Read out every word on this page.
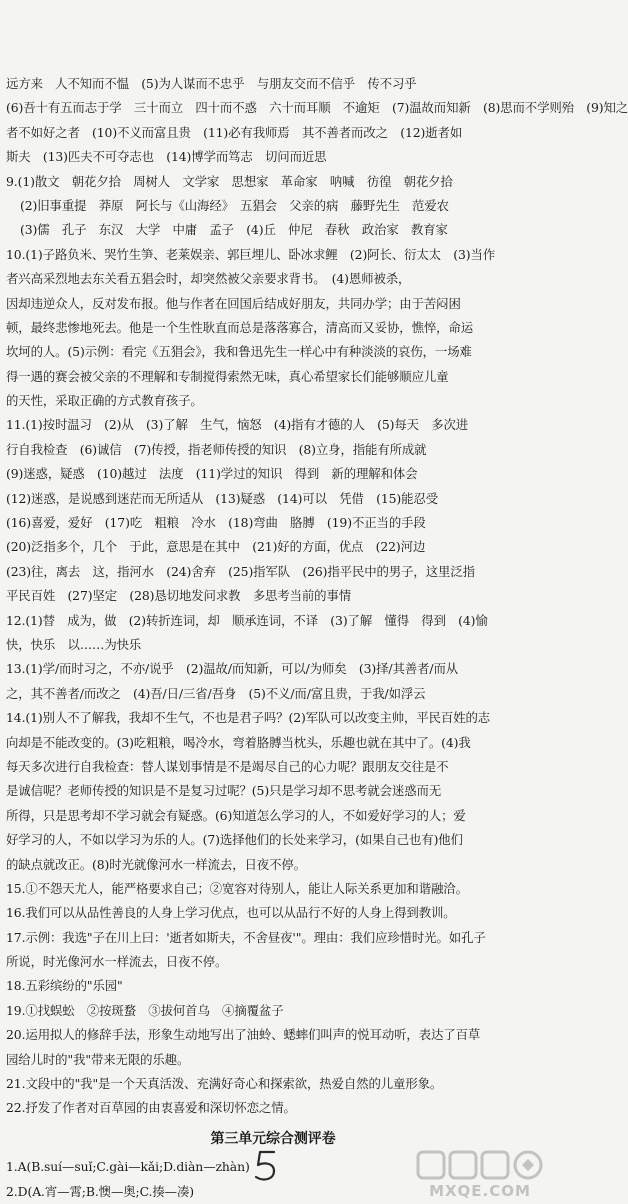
远方来　人不知而不愠　(5)为人谋而不忠乎　与朋友交而不信乎　传不习乎
(6)吾十有五而志于学　三十而立　四十而不惑　六十而耳顺　不逾矩　(7)温故而知新　(8)思而不学则殆　(9)知之
者不如好之者　(10)不义而富且贵　(11)必有我师焉　其不善者而改之　(12)逝者如
斯夫　(13)匹夫不可夺志也　(14)博学而笃志　切问而近思
9.(1)散文　朝花夕拾　周树人　文学家　思想家　革命家　呐喊　彷徨　朝花夕拾
(2)旧事重提　莽原　阿长与《山海经》　五猖会　父亲的病　藤野先生　范爱农
(3)儒　孔子　东汉　大学　中庸　孟子　(4)丘　仲尼　春秋　政治家　教育家
10.(1)子路负米、哭竹生笋、老莱娱亲、郭巨埋儿、卧冰求鲤　(2)阿长、衍太太　(3)当作
者兴高采烈地去东关看五猖会时，却突然被父亲要求背书。　(4)恩师被杀，
因却违逆众人，反对发布报。他与作者在回国后结成好朋友，共同办学；由于苦闷困
顿，最终悲惨地死去。他是一个生性耿直而总是落落寡合，清高而又妥协，憔悴，命运
坎坷的人。(5)示例：看完《五猖会》，我和鲁迅先生一样心中有种淡淡的哀伤，一场难
得一遇的赛会被父亲的不理解和专制搅得索然无味，真心希望家长们能够顺应儿童
的天性，采取正确的方式教育孩子。
11.(1)按时温习　(2)从　(3)了解　生气，恼怒　(4)指有才德的人　(5)每天　多次进
行自我检查　(6)诚信　(7)传授，指老师传授的知识　(8)立身，指能有所成就
(9)迷惑，疑惑　(10)越过　法度　(11)学过的知识　得到　新的理解和体会
(12)迷惑，是说感到迷茫而无所适从　(13)疑惑　(14)可以　凭借　(15)能忍受
(16)喜爱，爱好　(17)吃　粗粮　冷水　(18)弯曲　胳膊　(19)不正当的手段
(20)泛指多个，几个　于此，意思是在其中　(21)好的方面，优点　(22)河边
(23)往，离去　这，指河水　(24)舍弃　(25)指军队　(26)指平民中的男子，这里泛指
平民百姓　(27)坚定　(28)恳切地发问求教　多思考当前的事情
12.(1)替　成为，做　(2)转折连词，却　顺承连词，不译　(3)了解　懂得　得到　(4)愉
快，快乐　以……为快乐
13.(1)学/而时习之，不亦/说乎　(2)温故/而知新，可以/为师矣　(3)择/其善者/而从
之，其不善者/而改之　(4)吾/日/三省/吾身　(5)不义/而/富且贵，于我/如浮云
14.(1)别人不了解我，我却不生气，不也是君子吗？(2)军队可以改变主帅，平民百姓的志
向却是不能改变的。(3)吃粗粮，喝冷水，弯着胳膊当枕头，乐趣也就在其中了。(4)我
每天多次进行自我检查：替人谋划事情是不是竭尽自己的心力呢？跟朋友交往是不
是诚信呢？老师传授的知识是不是复习过呢？(5)只是学习却不思考就会迷惑而无
所得，只是思考却不学习就会有疑惑。(6)知道怎么学习的人，不如爱好学习的人；爱
好学习的人，不如以学习为乐的人。(7)选择他们的长处来学习，(如果自己也有)他们
的缺点就改正。(8)时光就像河水一样流去，日夜不停。
15.①不怨天尤人，能严格要求自己；②宽容对待别人，能让人际关系更加和谐融洽。
16.我们可以从品性善良的人身上学习优点，也可以从品行不好的人身上得到教训。
17.示例：我选"子在川上曰：'逝者如斯夫，不舍昼夜'"。理由：我们应珍惜时光。如孔子
所说，时光像河水一样流去，日夜不停。
18.五彩缤纷的"乐园"
19.①找蜈蚣　②按斑蝥　③拔何首乌　④摘覆盆子
20.运用拟人的修辞手法，形象生动地写出了油蛉、蟋蟀们叫声的悦耳动听，表达了百草
园给儿时的"我"带来无限的乐趣。
21.文段中的"我"是一个天真活泼、充满好奇心和探索欲，热爱自然的儿童形象。
22.抒发了作者对百草园的由衷喜爱和深切怀恋之情。
第三单元综合测评卷
1.A(B.suí—suǐ;C.gài—kǎi;D.diàn—zhàn)
2.D(A.宵—霄;B.懊—奥;C.揍—凑)	MXQE.COM
